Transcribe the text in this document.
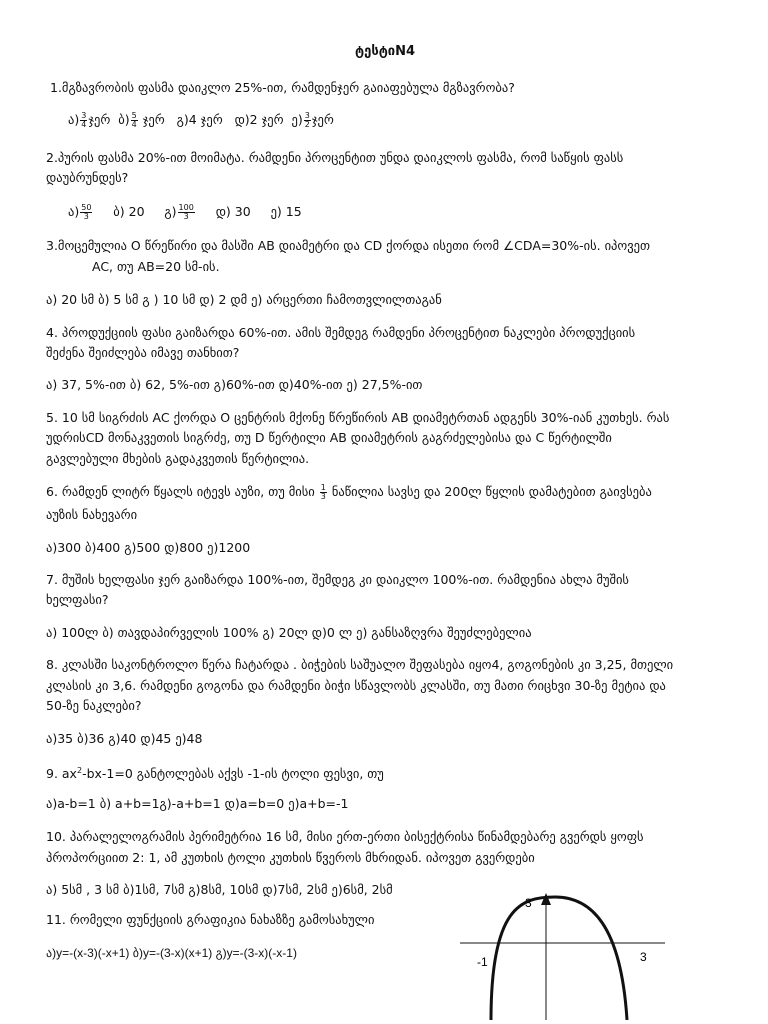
ტესტიN4
1.მგზავრობის ფასმა დაიკლო 25%-ით, რამდენჯერ გაიაფებულა მგზავრობა?
ა) $\frac{3}{4}$ ჯერ ბ) $\frac{5}{4}$ ჯერ გ)4 ჯერ დ)2 ჯერ ე) $\frac{3}{2}$ ჯერ
2.პურის ფასმა 20%-ით მოიმატა. რამდენი პროცენტით უნდა დაიკლოს ფასმა, რომ საწყის ფასს
დაუბრუნდეს?
ა) $\frac{50}{3}$ ბ) 20 გ) $\frac{100}{3}$ დ) 30 ე) 15
3.მოცემულია O წრეწირი და მასში AB დიამეტრი და CD ქორდა ისეთი რომ ∠CDA=30%-ის. იპოვეთ
AC, თუ AB=20 სმ-ის.
ა) 20 სმ ბ) 5 სმ გ ) 10 სმ დ) 2 დმ ე) არცერთი ჩამოთვლილთაგან
4. პროდუქციის ფასი გაიზარდა 60%-ით. ამის შემდეგ რამდენი პროცენტით ნაკლები პროდუქციის
შეძენა შეიძლება იმავე თანხით?
ა) 37, 5%-ით ბ) 62, 5%-ით გ)60%-ით დ)40%-ით ე) 27,5%-ით
5. 10 სმ სიგრძის AC ქორდა O ცენტრის მქონე წრეწირის AB დიამეტრთან ადგენს 30%-იან კუთხეს. რას
უდრისCD მონაკვეთის სიგრძე, თუ D წერტილი AB დიამეტრის გაგრძელებისა და C წერტილში
გავლებული მხების გადაკვეთის წერტილია.
6. რამდენ ლიტრ წყალს იტევს აუზი, თუ მისი $\frac{1}{3}$ ნაწილია სავსე და 200ლ წყლის დამატებით გაივსება
აუზის ნახევარი
ა)300 ბ)400 გ)500 დ)800 ე)1200
7. მუშის ხელფასი ჯერ გაიზარდა 100%-ით, შემდეგ კი დაიკლო 100%-ით. რამდენია ახლა მუშის
ხელფასი?
ა) 100ლ ბ) თავდაპირველის 100% გ) 20ლ დ)0 ლ ე) განსაზღვრა შეუძლებელია
8. კლასში საკონტროლო წერა ჩატარდა . ბიჭების საშუალო შეფასება იყო4, გოგონების კი 3,25, მთელი
კლასის კი 3,6. რამდენი გოგონა და რამდენი ბიჭი სწავლობს კლასში, თუ მათი რიცხვი 30-ზე მეტია და
50-ზე ნაკლები?
ა)35 ბ)36 გ)40 დ)45 ე)48
9. $ax^2-bx-1=0$ განტოლებას აქვს -1-ის ტოლი ფესვი, თუ
ა)a-b=1 ბ) a+b=1გ)-a+b=1 დ)a=b=0 ე)a+b=-1
10. პარალელოგრამის პერიმეტრია 16 სმ, მისი ერთ-ერთი ბისექტრისა წინამდებარე გვერდს ყოფს
პროპორციით 2: 1, ამ კუთხის ტოლი კუთხის წვეროს მხრიდან. იპოვეთ გვერდები
ა) 5სმ , 3 სმ ბ)1სმ, 7სმ გ)8სმ, 10სმ დ)7სმ, 2სმ ე)6სმ, 2სმ
11. რომელი ფუნქციის გრაფიკია ნახაზზე გამოსახული
ა)y=-(x-3)(-x+1) ბ)y=-(3-x)(x+1) გ)y=-(3-x)(-x-1)
3
-1	3
